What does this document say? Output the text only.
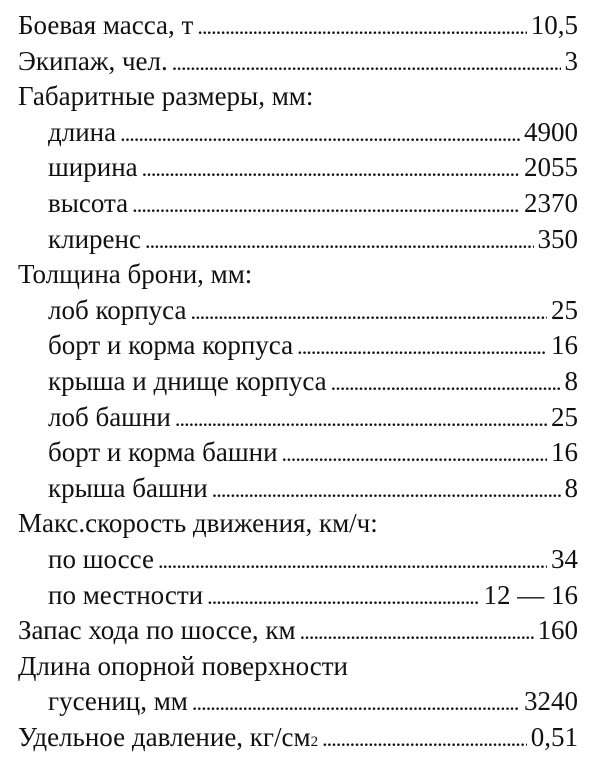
Боевая масса, т . . .	10,5
Экипаж, чел. . . .	3
Габаритные размеры, мм:
длина . . .	4900
ширина . . .	2055
высота . . .	2370
клиренс . . .	350
Толщина брони, мм:
лоб корпуса . . .	25
борт и корма корпуса . . .	16
крыша и днище корпуса . . .	8
лоб башни . . .	25
борт и корма башни . . .	16
крыша башни . . .	8
Макс.скорость движения, км/ч:
по шоссе . . .	34
по местности . . .	12 — 16
Запас хода по шоссе, км . . .	160
Длина опорной поверхности
гусениц, мм . . .	3240
Удельное давление, кг/см 2 . . .	0,51
